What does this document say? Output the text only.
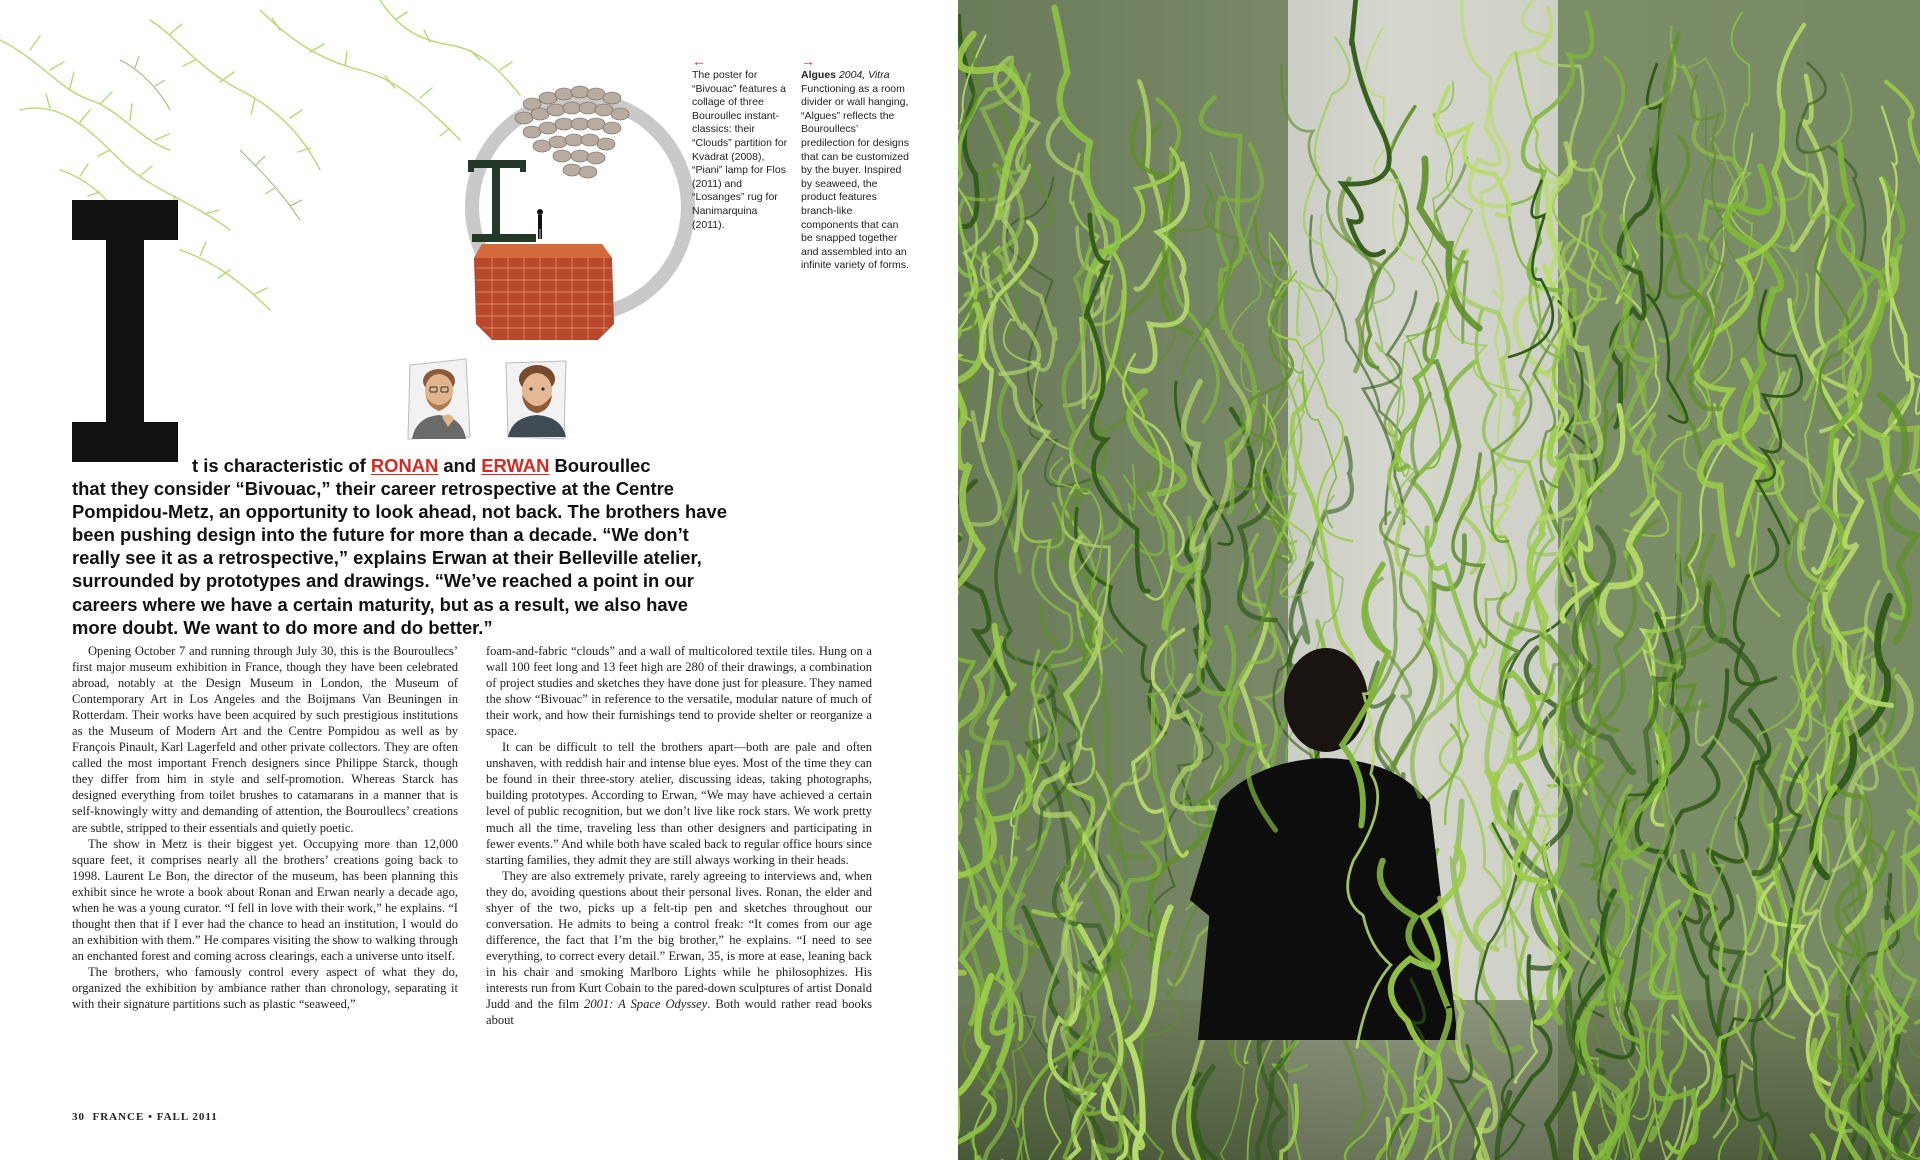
←
The poster for “Bivouac” features a collage of three Bouroullec instant-classics: their “Clouds” partition for Kvadrat (2008), “Piani” lamp for Flos (2011) and “Losanges” rug for Nanimarquina (2011).
→
Algues 2004, Vitra Functioning as a room divider or wall hanging, “Algues” reflects the Bouroullecs’ predilection for designs that can be customized by the buyer. Inspired by seaweed, the product features branch-like components that can be snapped together and assembled into an infinite variety of forms.
t is characteristic of RONAN and ERWAN Bouroullec
that they consider “Bivouac,” their career retrospective at the Centre Pompidou-Metz, an opportunity to look ahead, not back. The brothers have been pushing design into the future for more than a decade. “We don’t really see it as a retrospective,” explains Erwan at their Belleville atelier, surrounded by prototypes and drawings. “We’ve reached a point in our careers where we have a certain maturity, but as a result, we also have more doubt. We want to do more and do better.”

Opening October 7 and running through July 30, this is the Bouroullecs’ first major museum exhibition in France, though they have been celebrated abroad, notably at the Design Museum in London, the Museum of Contemporary Art in Los Angeles and the Boijmans Van Beuningen in Rotterdam. Their works have been acquired by such prestigious institutions as the Museum of Modern Art and the Centre Pompidou as well as by François Pinault, Karl Lagerfeld and other private collectors. They are often called the most important French designers since Philippe Starck, though they differ from him in style and self-promotion. Whereas Starck has designed everything from toilet brushes to catamarans in a manner that is self-knowingly witty and demanding of attention, the Bouroullecs’ creations are subtle, stripped to their essentials and quietly poetic.

The show in Metz is their biggest yet. Occupying more than 12,000 square feet, it comprises nearly all the brothers’ creations going back to 1998. Laurent Le Bon, the director of the museum, has been planning this exhibit since he wrote a book about Ronan and Erwan nearly a decade ago, when he was a young curator. “I fell in love with their work,” he explains. “I thought then that if I ever had the chance to head an institution, I would do an exhibition with them.” He compares visiting the show to walking through an enchanted forest and coming across clearings, each a universe unto itself.

The brothers, who famously control every aspect of what they do, organized the exhibition by ambiance rather than chronology, separating it with their signature partitions such as plastic “seaweed,”

foam-and-fabric “clouds” and a wall of multicolored textile tiles. Hung on a wall 100 feet long and 13 feet high are 280 of their drawings, a combination of project studies and sketches they have done just for pleasure. They named the show “Bivouac” in reference to the versatile, modular nature of much of their work, and how their furnishings tend to provide shelter or reorganize a space.

It can be difficult to tell the brothers apart—both are pale and often unshaven, with reddish hair and intense blue eyes. Most of the time they can be found in their three-story atelier, discussing ideas, taking photographs, building prototypes. According to Erwan, “We may have achieved a certain level of public recognition, but we don’t live like rock stars. We work pretty much all the time, traveling less than other designers and participating in fewer events.” And while both have scaled back to regular office hours since starting families, they admit they are still always working in their heads.

They are also extremely private, rarely agreeing to interviews and, when they do, avoiding questions about their personal lives. Ronan, the elder and shyer of the two, picks up a felt-tip pen and sketches throughout our conversation. He admits to being a control freak: “It comes from our age difference, the fact that I’m the big brother,” he explains. “I need to see everything, to correct every detail.” Erwan, 35, is more at ease, leaning back in his chair and smoking Marlboro Lights while he philosophizes. His interests run from Kurt Cobain to the pared-down sculptures of artist Donald Judd and the film 2001: A Space Odyssey. Both would rather read books about

30 FRANCE • FALL 2011
